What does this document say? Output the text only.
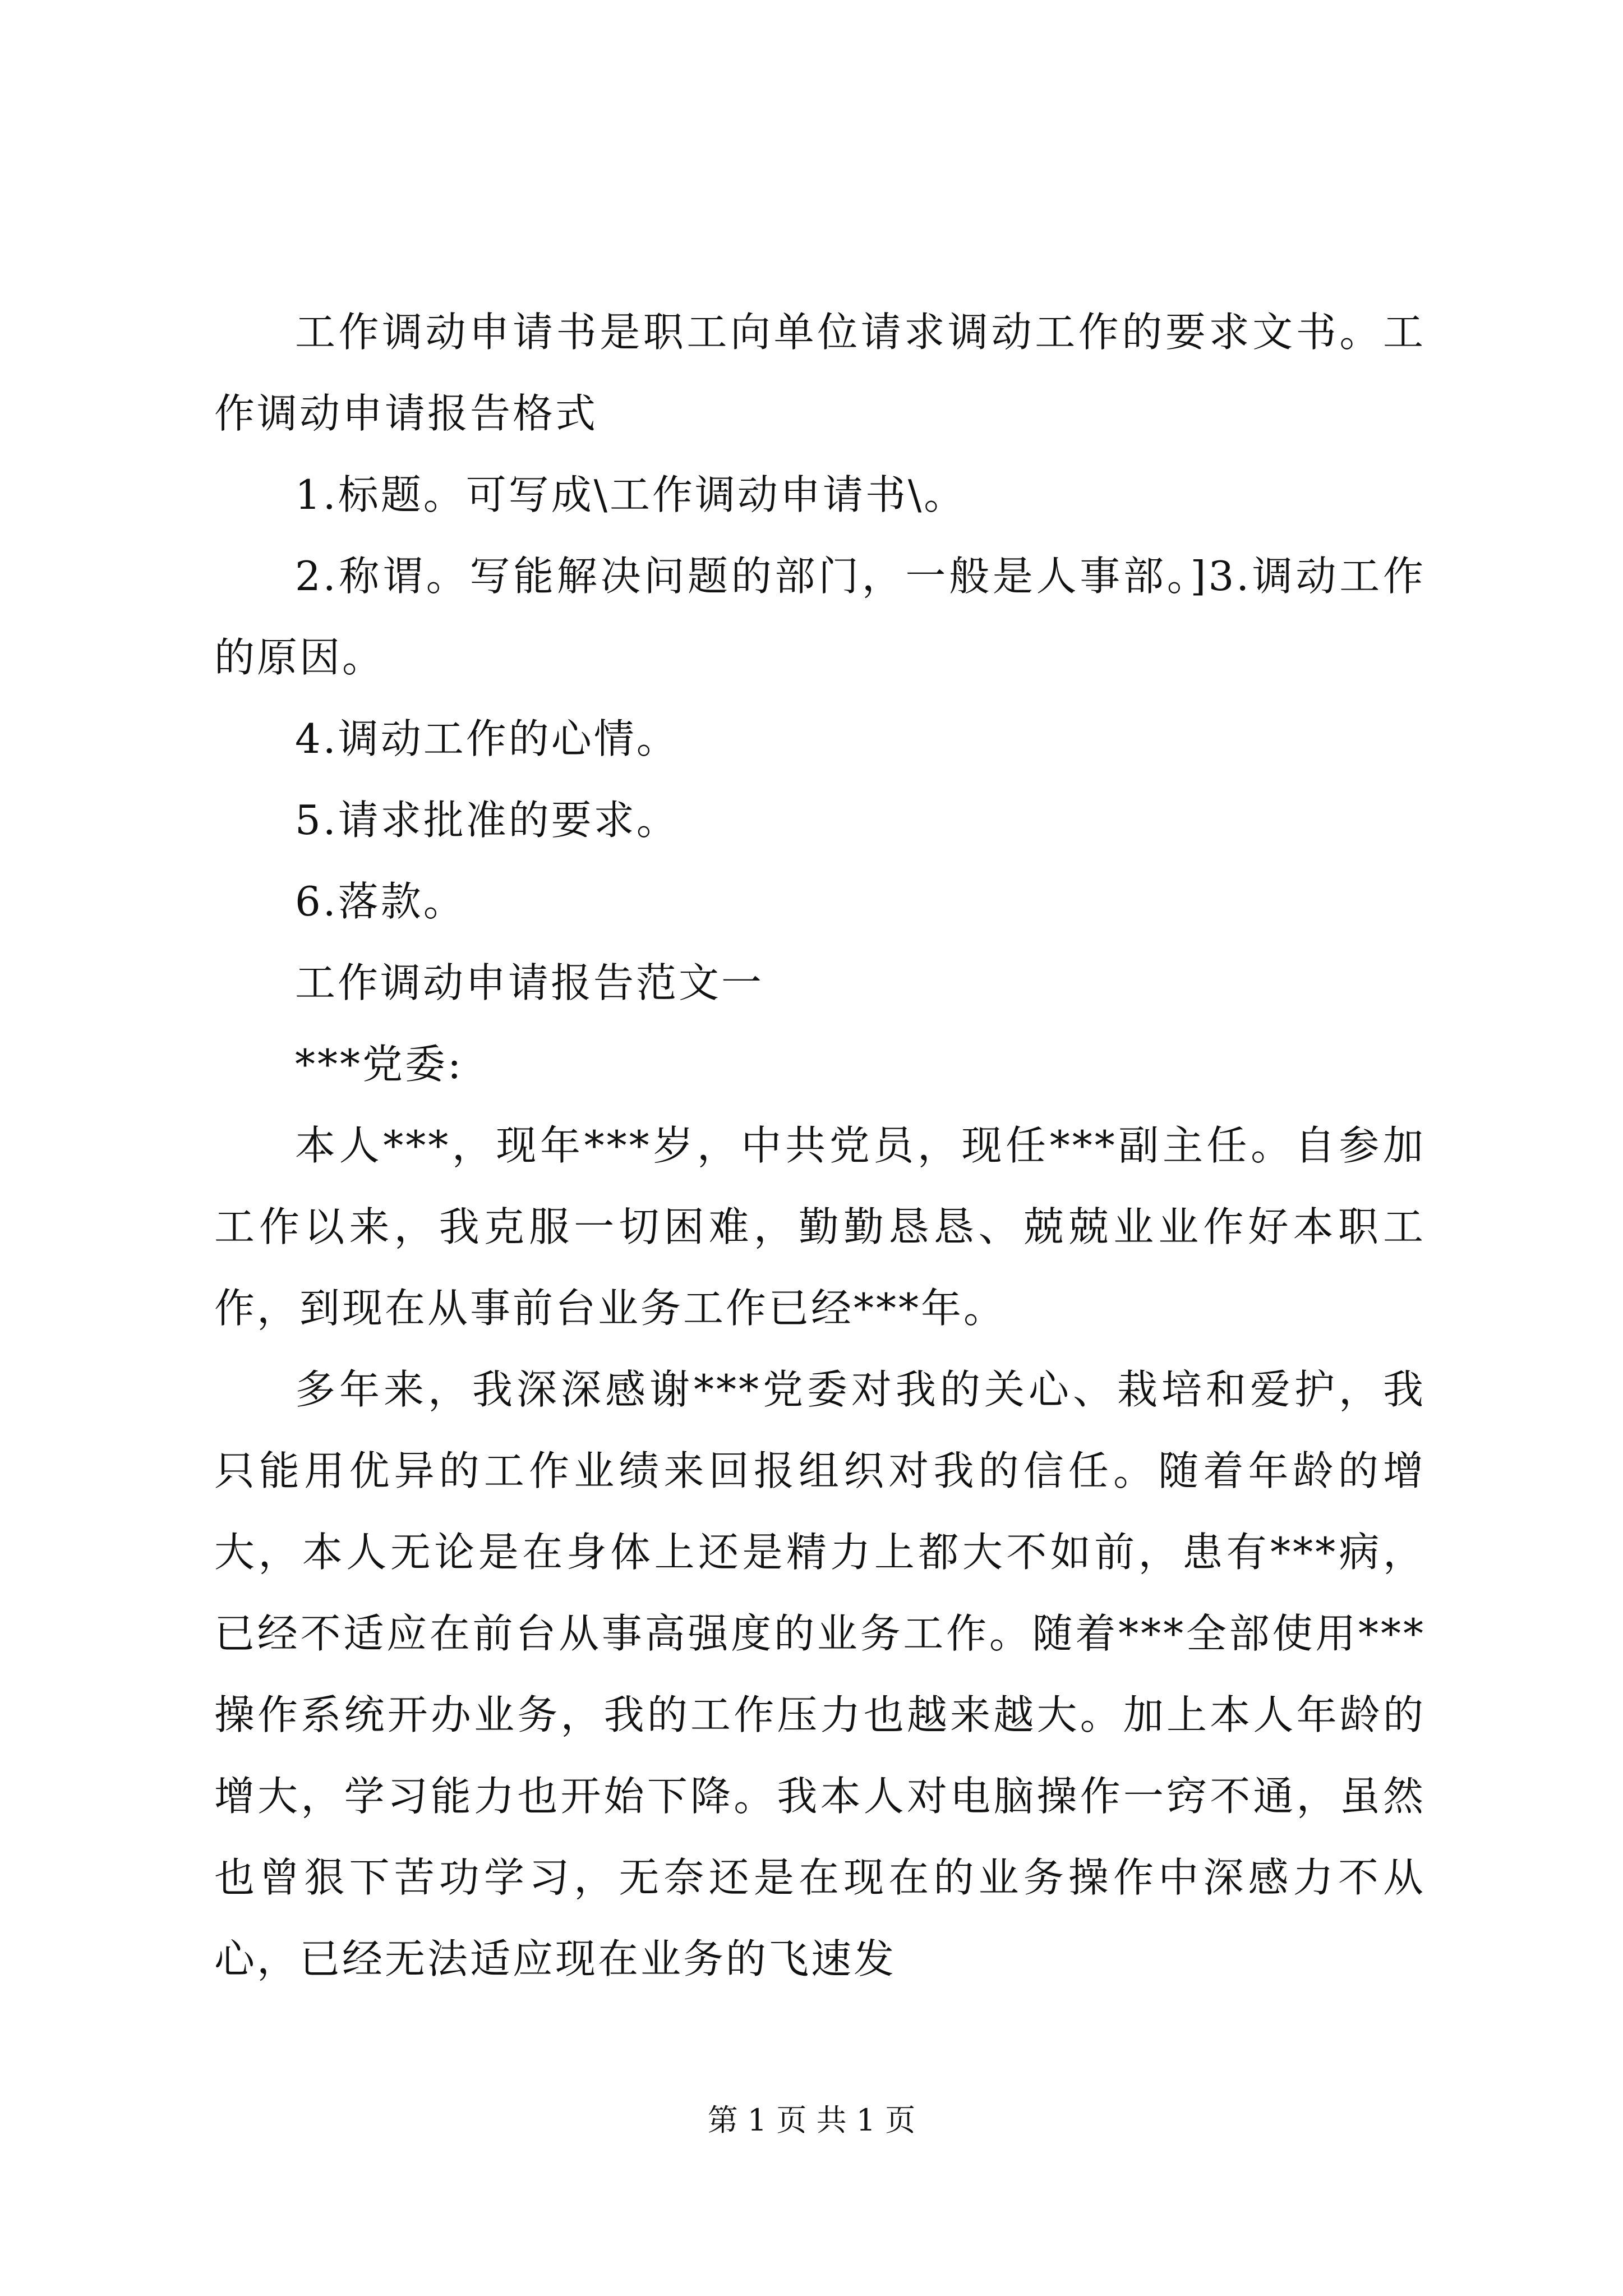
工作调动申请书是职工向单位请求调动工作的要求文书。工作调动申请报告格式

1.标题。可写成\工作调动申请书\。

2.称谓。写能解决问题的部门，一般是人事部。]3.调动工作的原因。

4.调动工作的心情。

5.请求批准的要求。

6.落款。

工作调动申请报告范文一

***党委:

本人***，现年***岁，中共党员，现任***副主任。自参加工作以来，我克服一切困难，勤勤恳恳、兢兢业业作好本职工作，到现在从事前台业务工作已经***年。

多年来，我深深感谢***党委对我的关心、栽培和爱护，我只能用优异的工作业绩来回报组织对我的信任。随着年龄的增大，本人无论是在身体上还是精力上都大不如前，患有***病，已经不适应在前台从事高强度的业务工作。随着***全部使用***操作系统开办业务，我的工作压力也越来越大。加上本人年龄的增大，学习能力也开始下降。我本人对电脑操作一窍不通，虽然也曾狠下苦功学习，无奈还是在现在的业务操作中深感力不从心，已经无法适应现在业务的飞速发

第 1 页 共 1 页
